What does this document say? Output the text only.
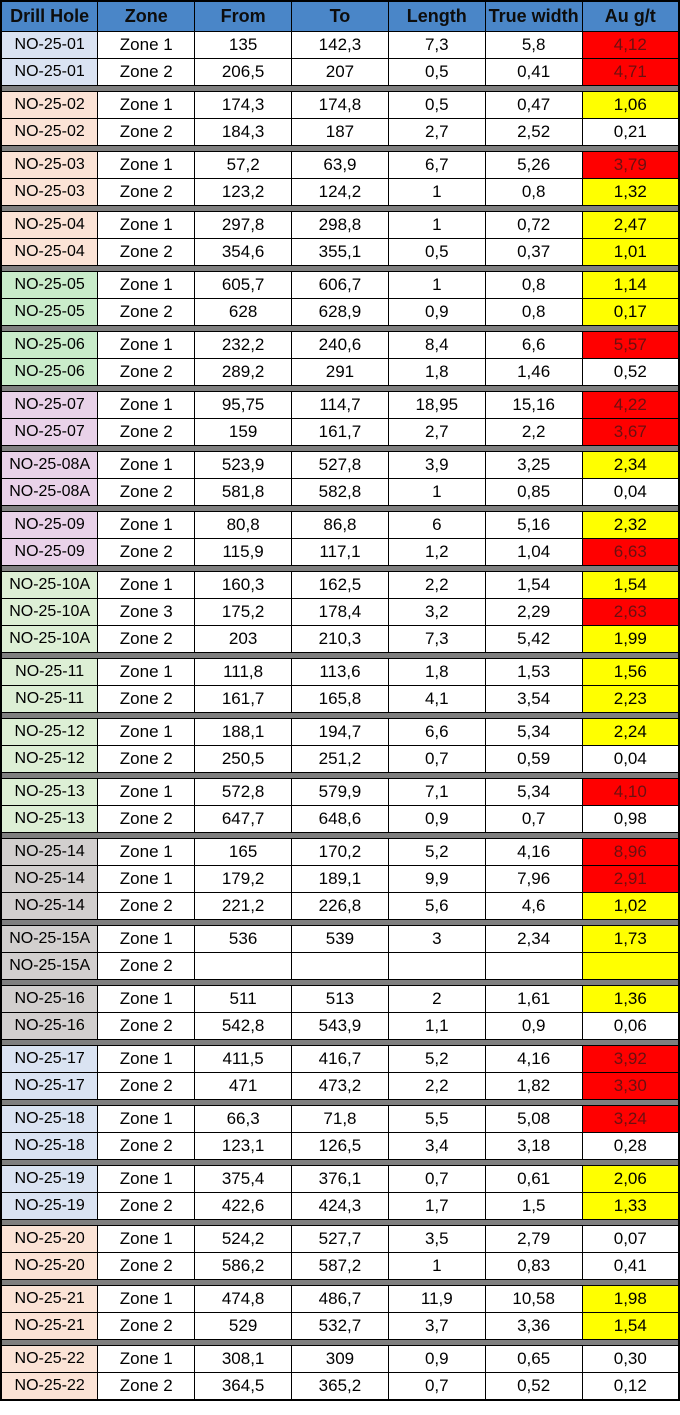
Drill Hole	Zone	From	To	Length	True width	Au g/t
NO-25-01	Zone 1	135	142,3	7,3	5,8	4,12
NO-25-01	Zone 2	206,5	207	0,5	0,41	4,71

NO-25-02	Zone 1	174,3	174,8	0,5	0,47	1,06
NO-25-02	Zone 2	184,3	187	2,7	2,52	0,21

NO-25-03	Zone 1	57,2	63,9	6,7	5,26	3,79
NO-25-03	Zone 2	123,2	124,2	1	0,8	1,32

NO-25-04	Zone 1	297,8	298,8	1	0,72	2,47
NO-25-04	Zone 2	354,6	355,1	0,5	0,37	1,01

NO-25-05	Zone 1	605,7	606,7	1	0,8	1,14
NO-25-05	Zone 2	628	628,9	0,9	0,8	0,17

NO-25-06	Zone 1	232,2	240,6	8,4	6,6	5,57
NO-25-06	Zone 2	289,2	291	1,8	1,46	0,52

NO-25-07	Zone 1	95,75	114,7	18,95	15,16	4,22
NO-25-07	Zone 2	159	161,7	2,7	2,2	3,67

NO-25-08A	Zone 1	523,9	527,8	3,9	3,25	2,34
NO-25-08A	Zone 2	581,8	582,8	1	0,85	0,04

NO-25-09	Zone 1	80,8	86,8	6	5,16	2,32
NO-25-09	Zone 2	115,9	117,1	1,2	1,04	6,63

NO-25-10A	Zone 1	160,3	162,5	2,2	1,54	1,54
NO-25-10A	Zone 3	175,2	178,4	3,2	2,29	2,63
NO-25-10A	Zone 2	203	210,3	7,3	5,42	1,99

NO-25-11	Zone 1	111,8	113,6	1,8	1,53	1,56
NO-25-11	Zone 2	161,7	165,8	4,1	3,54	2,23

NO-25-12	Zone 1	188,1	194,7	6,6	5,34	2,24
NO-25-12	Zone 2	250,5	251,2	0,7	0,59	0,04

NO-25-13	Zone 1	572,8	579,9	7,1	5,34	4,10
NO-25-13	Zone 2	647,7	648,6	0,9	0,7	0,98

NO-25-14	Zone 1	165	170,2	5,2	4,16	8,96
NO-25-14	Zone 1	179,2	189,1	9,9	7,96	2,91
NO-25-14	Zone 2	221,2	226,8	5,6	4,6	1,02

NO-25-15A	Zone 1	536	539	3	2,34	1,73
NO-25-15A	Zone 2					

NO-25-16	Zone 1	511	513	2	1,61	1,36
NO-25-16	Zone 2	542,8	543,9	1,1	0,9	0,06

NO-25-17	Zone 1	411,5	416,7	5,2	4,16	3,92
NO-25-17	Zone 2	471	473,2	2,2	1,82	3,30

NO-25-18	Zone 1	66,3	71,8	5,5	5,08	3,24
NO-25-18	Zone 2	123,1	126,5	3,4	3,18	0,28

NO-25-19	Zone 1	375,4	376,1	0,7	0,61	2,06
NO-25-19	Zone 2	422,6	424,3	1,7	1,5	1,33

NO-25-20	Zone 1	524,2	527,7	3,5	2,79	0,07
NO-25-20	Zone 2	586,2	587,2	1	0,83	0,41

NO-25-21	Zone 1	474,8	486,7	11,9	10,58	1,98
NO-25-21	Zone 2	529	532,7	3,7	3,36	1,54

NO-25-22	Zone 1	308,1	309	0,9	0,65	0,30
NO-25-22	Zone 2	364,5	365,2	0,7	0,52	0,12
